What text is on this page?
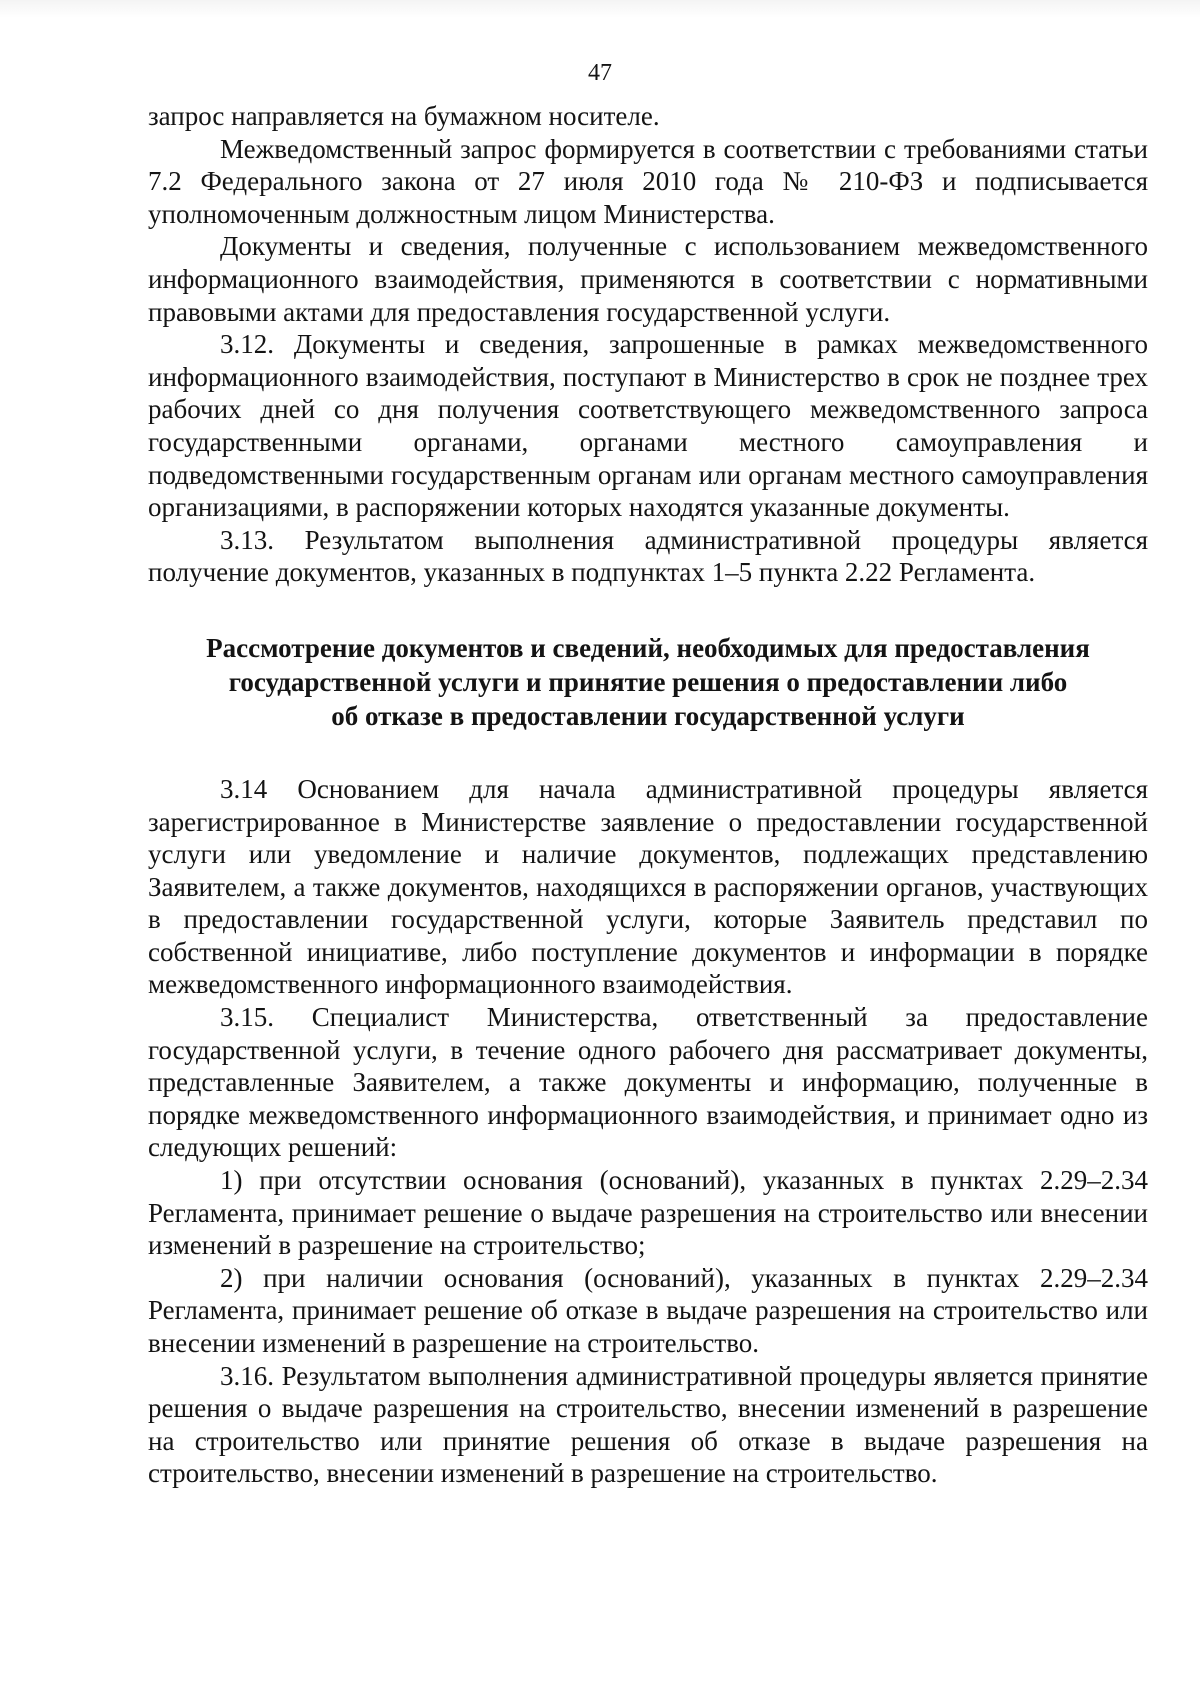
47

запрос направляется на бумажном носителе.

Межведомственный запрос формируется в соответствии с требованиями статьи 7.2 Федерального закона от 27 июля 2010 года № 210-ФЗ и подписывается уполномоченным должностным лицом Министерства.

Документы и сведения, полученные с использованием межведомственного информационного взаимодействия, применяются в соответствии с нормативными правовыми актами для предоставления государственной услуги.

3.12. Документы и сведения, запрошенные в рамках межведомственного информационного взаимодействия, поступают в Министерство в срок не позднее трех рабочих дней со дня получения соответствующего межведомственного запроса государственными органами, органами местного самоуправления и подведомственными государственным органам или органам местного самоуправления организациями, в распоряжении которых находятся указанные документы.

3.13. Результатом выполнения административной процедуры является получение документов, указанных в подпунктах 1–5 пункта 2.22 Регламента.

Рассмотрение документов и сведений, необходимых для предоставления
государственной услуги и принятие решения о предоставлении либо
об отказе в предоставлении государственной услуги

3.14 Основанием для начала административной процедуры является зарегистрированное в Министерстве заявление о предоставлении государственной услуги или уведомление и наличие документов, подлежащих представлению Заявителем, а также документов, находящихся в распоряжении органов, участвующих в предоставлении государственной услуги, которые Заявитель представил по собственной инициативе, либо поступление документов и информации в порядке межведомственного информационного взаимодействия.

3.15. Специалист Министерства, ответственный за предоставление государственной услуги, в течение одного рабочего дня рассматривает документы, представленные Заявителем, а также документы и информацию, полученные в порядке межведомственного информационного взаимодействия, и принимает одно из следующих решений:

1) при отсутствии основания (оснований), указанных в пунктах 2.29–2.34 Регламента, принимает решение о выдаче разрешения на строительство или внесении изменений в разрешение на строительство;

2) при наличии основания (оснований), указанных в пунктах 2.29–2.34 Регламента, принимает решение об отказе в выдаче разрешения на строительство или внесении изменений в разрешение на строительство.

3.16. Результатом выполнения административной процедуры является принятие решения о выдаче разрешения на строительство, внесении изменений в разрешение на строительство или принятие решения об отказе в выдаче разрешения на строительство, внесении изменений в разрешение на строительство.
